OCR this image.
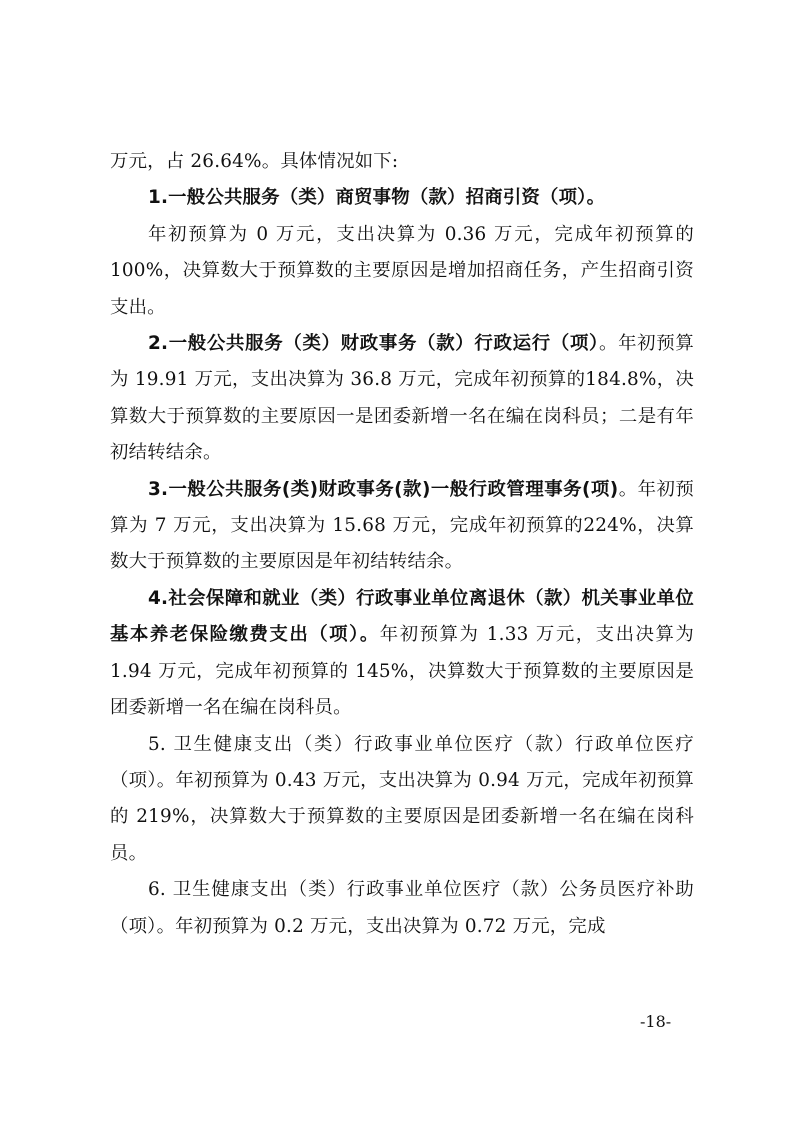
万元，占 26.64%。具体情况如下:

1.一般公共服务（类）商贸事物（款）招商引资（项）。

年初预算为 0 万元，支出决算为 0.36 万元，完成年初预算的100%，决算数大于预算数的主要原因是增加招商任务，产生招商引资支出。

2.一般公共服务（类）财政事务（款）行政运行（项）。年初预算为 19.91 万元，支出决算为 36.8 万元，完成年初预算的184.8%，决算数大于预算数的主要原因一是团委新增一名在编在岗科员；二是有年初结转结余。

3.一般公共服务(类)财政事务(款)一般行政管理事务(项)。年初预算为 7 万元，支出决算为 15.68 万元，完成年初预算的224%，决算数大于预算数的主要原因是年初结转结余。

4.社会保障和就业（类）行政事业单位离退休（款）机关事业单位基本养老保险缴费支出（项）。年初预算为 1.33 万元，支出决算为 1.94 万元，完成年初预算的 145%，决算数大于预算数的主要原因是团委新增一名在编在岗科员。

5. 卫生健康支出（类）行政事业单位医疗（款）行政单位医疗（项）。年初预算为 0.43 万元，支出决算为 0.94 万元，完成年初预算的 219%，决算数大于预算数的主要原因是团委新增一名在编在岗科员。

6. 卫生健康支出（类）行政事业单位医疗（款）公务员医疗补助（项）。年初预算为 0.2 万元，支出决算为 0.72 万元，完成

-18-
